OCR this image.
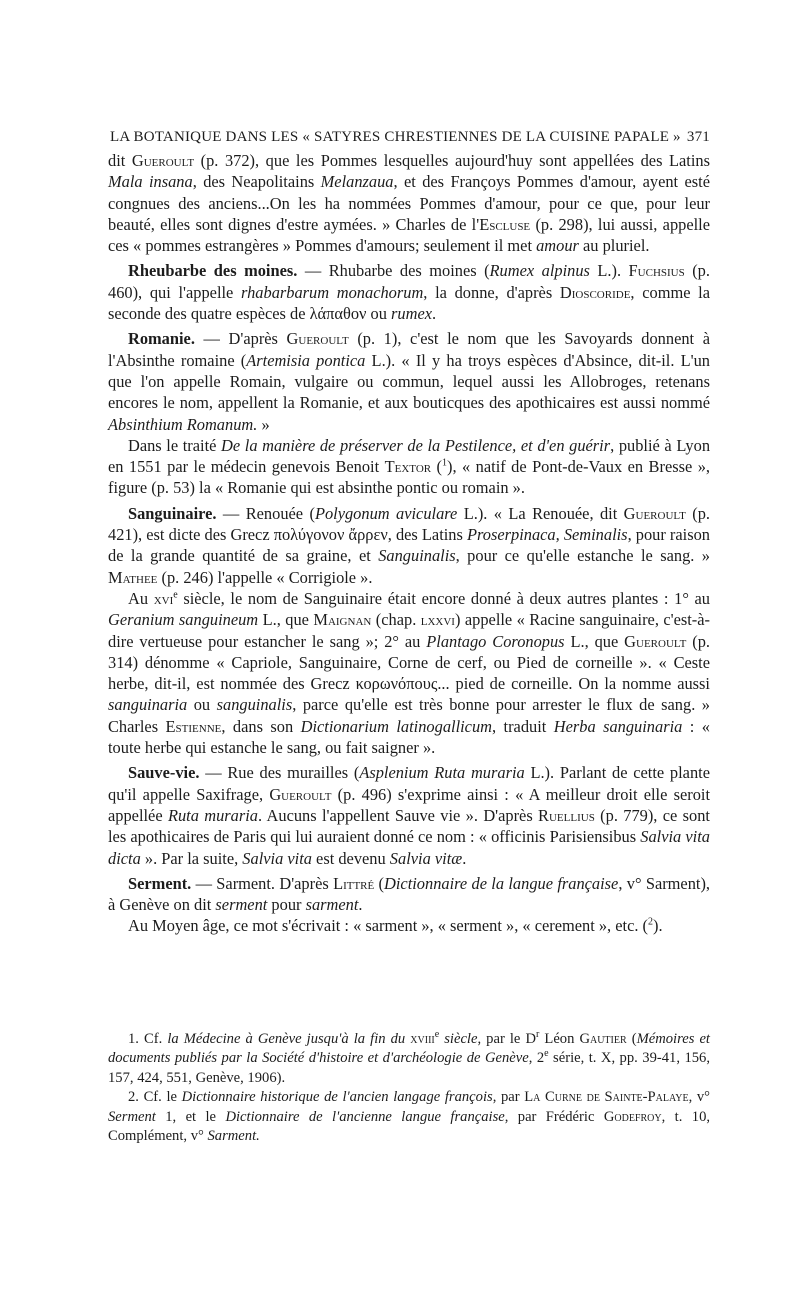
LA BOTANIQUE DANS LES « SATYRES CHRESTIENNES DE LA CUISINE PAPALE » 371

dit Gueroult (p. 372), que les Pommes lesquelles aujourd'huy sont appellées des Latins Mala insana, des Neapolitains Melanzaua, et des Françoys Pommes d'amour, ayent esté congnues des anciens...On les ha nommées Pommes d'amour, pour ce que, pour leur beauté, elles sont dignes d'estre aymées. » Charles de l'Escluse (p. 298), lui aussi, appelle ces « pommes estrangères » Pommes d'amours; seulement il met amour au pluriel.

Rheubarbe des moines. — Rhubarbe des moines (Rumex alpinus L.). Fuchsius (p. 460), qui l'appelle rhabarbarum monachorum, la donne, d'après Dioscoride, comme la seconde des quatre espèces de λάπαθον ou rumex.

Romanie. — D'après Gueroult (p. 1), c'est le nom que les Savoyards donnent à l'Absinthe romaine (Artemisia pontica L.). « Il y ha troys espèces d'Absince, dit-il. L'un que l'on appelle Romain, vulgaire ou commun, lequel aussi les Allobroges, retenans encores le nom, appellent la Romanie, et aux bouticques des apothicaires est aussi nommé Absinthium Romanum. »

Dans le traité De la manière de préserver de la Pestilence, et d'en guérir, publié à Lyon en 1551 par le médecin genevois Benoit Textor ($^1$), « natif de Pont-de-Vaux en Bresse », figure (p. 53) la « Romanie qui est absinthe pontic ou romain ».

Sanguinaire. — Renouée (Polygonum aviculare L.). « La Renouée, dit Gueroult (p. 421), est dicte des Grecz πολύγονον ἄρρεν, des Latins Proserpinaca, Seminalis, pour raison de la grande quantité de sa graine, et Sanguinalis, pour ce qu'elle estanche le sang. » Mathee (p. 246) l'appelle « Corrigiole ».

Au xvi$^e$ siècle, le nom de Sanguinaire était encore donné à deux autres plantes : 1° au Geranium sanguineum L., que Maignan (chap. lxxvi) appelle « Racine sanguinaire, c'est-à-dire vertueuse pour estancher le sang »; 2° au Plantago Coronopus L., que Gueroult (p. 314) dénomme « Capriole, Sanguinaire, Corne de cerf, ou Pied de corneille ». « Ceste herbe, dit-il, est nommée des Grecz κορωνόπους... pied de corneille. On la nomme aussi sanguinaria ou sanguinalis, parce qu'elle est très bonne pour arrester le flux de sang. » Charles Estienne, dans son Dictionarium latinogallicum, traduit Herba sanguinaria : « toute herbe qui estanche le sang, ou fait saigner ».

Sauve-vie. — Rue des murailles (Asplenium Ruta muraria L.). Parlant de cette plante qu'il appelle Saxifrage, Gueroult (p. 496) s'exprime ainsi : « A meilleur droit elle seroit appellée Ruta muraria. Aucuns l'appellent Sauve vie ». D'après Ruellius (p. 779), ce sont les apothicaires de Paris qui lui auraient donné ce nom : « officinis Parisiensibus Salvia vita dicta ». Par la suite, Salvia vita est devenu Salvia vitæ.

Serment. — Sarment. D'après Littré (Dictionnaire de la langue française, v° Sarment), à Genève on dit serment pour sarment.

Au Moyen âge, ce mot s'écrivait : « sarment », « serment », « cerement », etc. ($^2$).

1. Cf. la Médecine à Genève jusqu'à la fin du xviii$^e$ siècle, par le $D^r$ Léon Gautier (Mémoires et documents publiés par la Société d'histoire et d'archéologie de Genève, 2e série, t. X, pp. 39-41, 156, 157, 424, 551, Genève, 1906).

2. Cf. le Dictionnaire historique de l'ancien langage françois, par La Curne de Sainte-Palaye, v° Serment 1, et le Dictionnaire de l'ancienne langue française, par Frédéric Godefroy, t. 10, Complément, v° Sarment.
